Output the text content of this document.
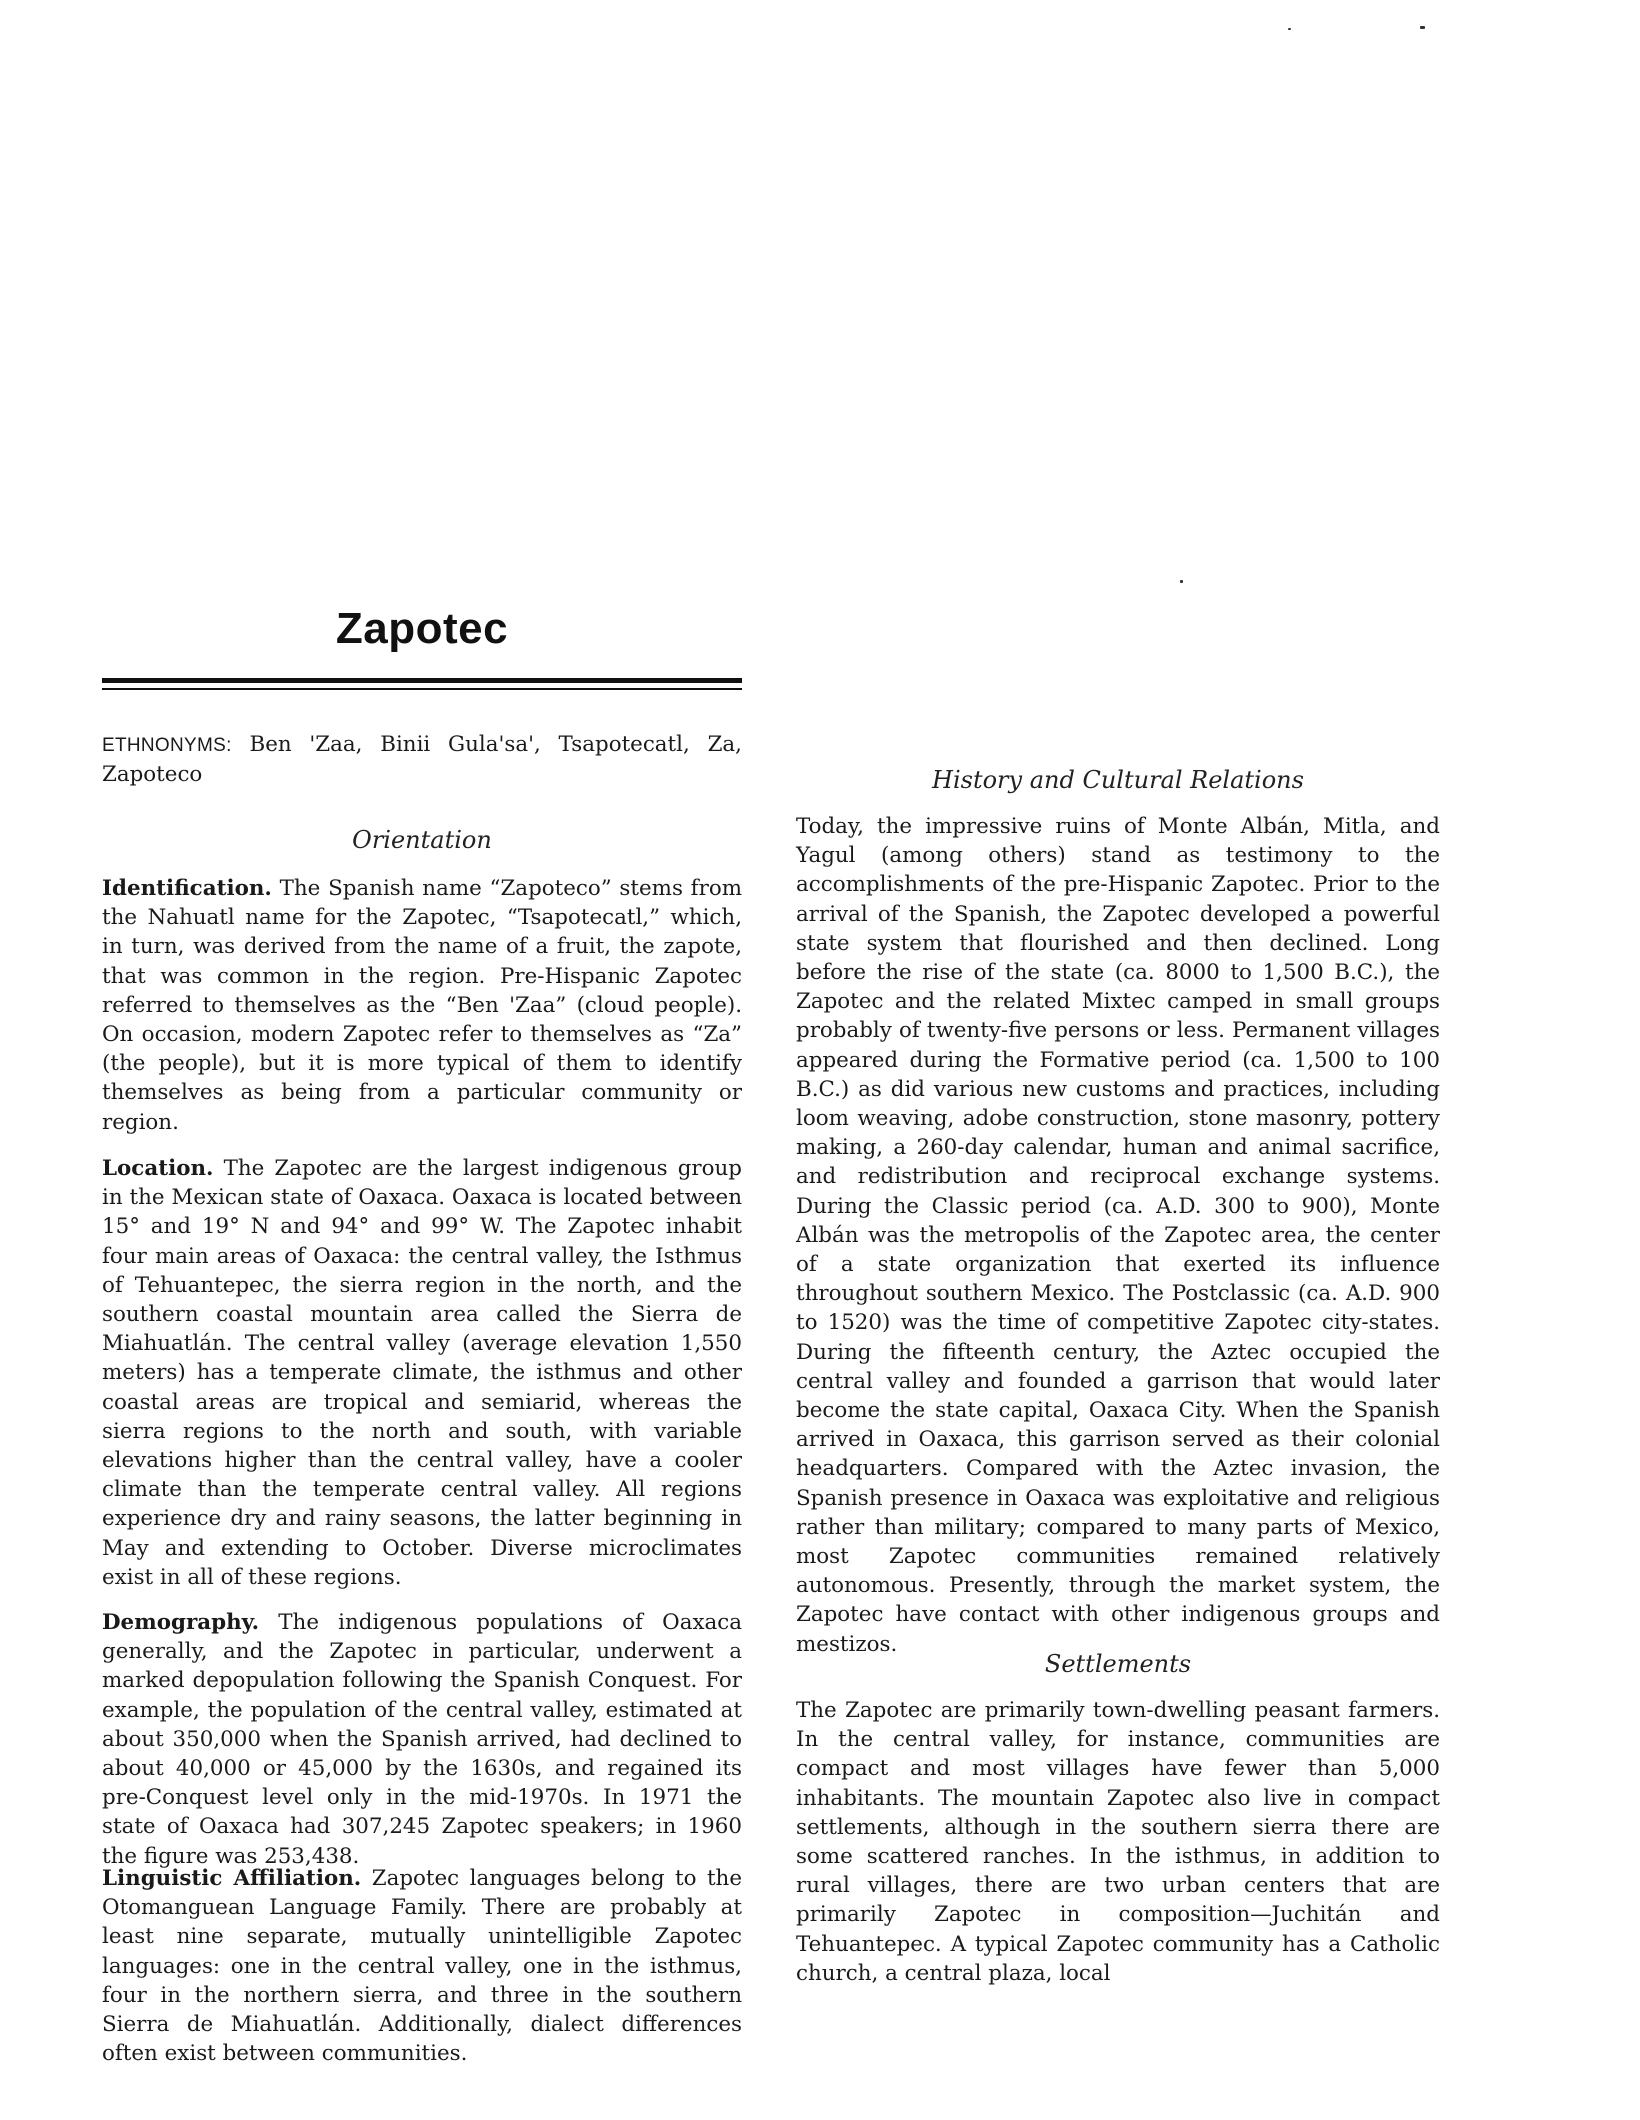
Zapotec

ETHNONYMS: Ben 'Zaa, Binii Gula'sa', Tsapotecatl, Za, Zapoteco

Orientation

Identification. The Spanish name “Zapoteco” stems from the Nahuatl name for the Zapotec, “Tsapotecatl,” which, in turn, was derived from the name of a fruit, the zapote, that was common in the region. Pre-Hispanic Zapotec referred to themselves as the “Ben 'Zaa” (cloud people). On occasion, modern Zapotec refer to themselves as “Za” (the people), but it is more typical of them to identify themselves as being from a particular community or region.

Location. The Zapotec are the largest indigenous group in the Mexican state of Oaxaca. Oaxaca is located between 15° and 19° N and 94° and 99° W. The Zapotec inhabit four main areas of Oaxaca: the central valley, the Isthmus of Tehuantepec, the sierra region in the north, and the southern coastal mountain area called the Sierra de Miahuatlán. The central valley (average elevation 1,550 meters) has a temperate climate, the isthmus and other coastal areas are tropical and semiarid, whereas the sierra regions to the north and south, with variable elevations higher than the central valley, have a cooler climate than the temperate central valley. All regions experience dry and rainy seasons, the latter beginning in May and extending to October. Diverse microclimates exist in all of these regions.

Demography. The indigenous populations of Oaxaca generally, and the Zapotec in particular, underwent a marked depopulation following the Spanish Conquest. For example, the population of the central valley, estimated at about 350,000 when the Spanish arrived, had declined to about 40,000 or 45,000 by the 1630s, and regained its pre-Conquest level only in the mid-1970s. In 1971 the state of Oaxaca had 307,245 Zapotec speakers; in 1960 the figure was 253,438.

Linguistic Affiliation. Zapotec languages belong to the Otomanguean Language Family. There are probably at least nine separate, mutually unintelligible Zapotec languages: one in the central valley, one in the isthmus, four in the northern sierra, and three in the southern Sierra de Miahuatlán. Additionally, dialect differences often exist between communities.

History and Cultural Relations

Today, the impressive ruins of Monte Albán, Mitla, and Yagul (among others) stand as testimony to the accomplishments of the pre-Hispanic Zapotec. Prior to the arrival of the Spanish, the Zapotec developed a powerful state system that flourished and then declined. Long before the rise of the state (ca. 8000 to 1,500 B.C.), the Zapotec and the related Mixtec camped in small groups probably of twenty-five persons or less. Permanent villages appeared during the Formative period (ca. 1,500 to 100 B.C.) as did various new customs and practices, including loom weaving, adobe construction, stone masonry, pottery making, a 260-day calendar, human and animal sacrifice, and redistribution and reciprocal exchange systems. During the Classic period (ca. A.D. 300 to 900), Monte Albán was the metropolis of the Zapotec area, the center of a state organization that exerted its influence throughout southern Mexico. The Postclassic (ca. A.D. 900 to 1520) was the time of competitive Zapotec city-states. During the fifteenth century, the Aztec occupied the central valley and founded a garrison that would later become the state capital, Oaxaca City. When the Spanish arrived in Oaxaca, this garrison served as their colonial headquarters. Compared with the Aztec invasion, the Spanish presence in Oaxaca was exploitative and religious rather than military; compared to many parts of Mexico, most Zapotec communities remained relatively autonomous. Presently, through the market system, the Zapotec have contact with other indigenous groups and mestizos.

Settlements

The Zapotec are primarily town-dwelling peasant farmers. In the central valley, for instance, communities are compact and most villages have fewer than 5,000 inhabitants. The mountain Zapotec also live in compact settlements, although in the southern sierra there are some scattered ranches. In the isthmus, in addition to rural villages, there are two urban centers that are primarily Zapotec in composition—Juchitán and Tehuantepec. A typical Zapotec community has a Catholic church, a central plaza, local
